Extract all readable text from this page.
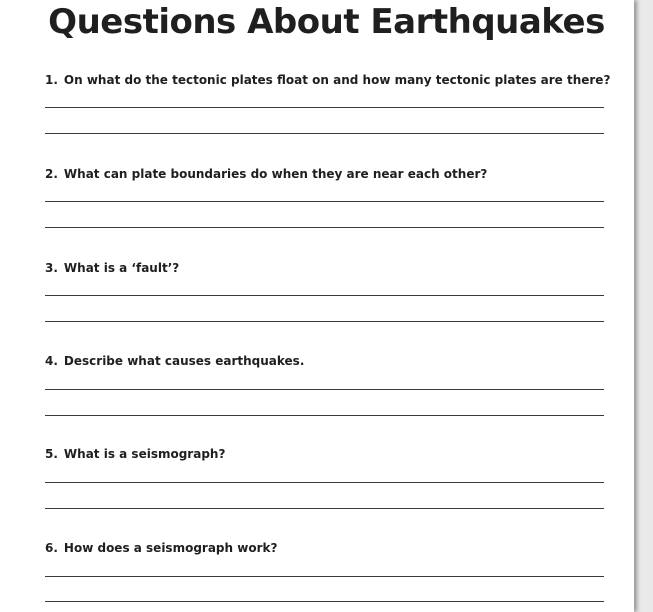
Questions About Earthquakes
1. On what do the tectonic plates float on and how many tectonic plates are there?
2. What can plate boundaries do when they are near each other?
3. What is a ‘fault’?
4. Describe what causes earthquakes.
5. What is a seismograph?
6. How does a seismograph work?
